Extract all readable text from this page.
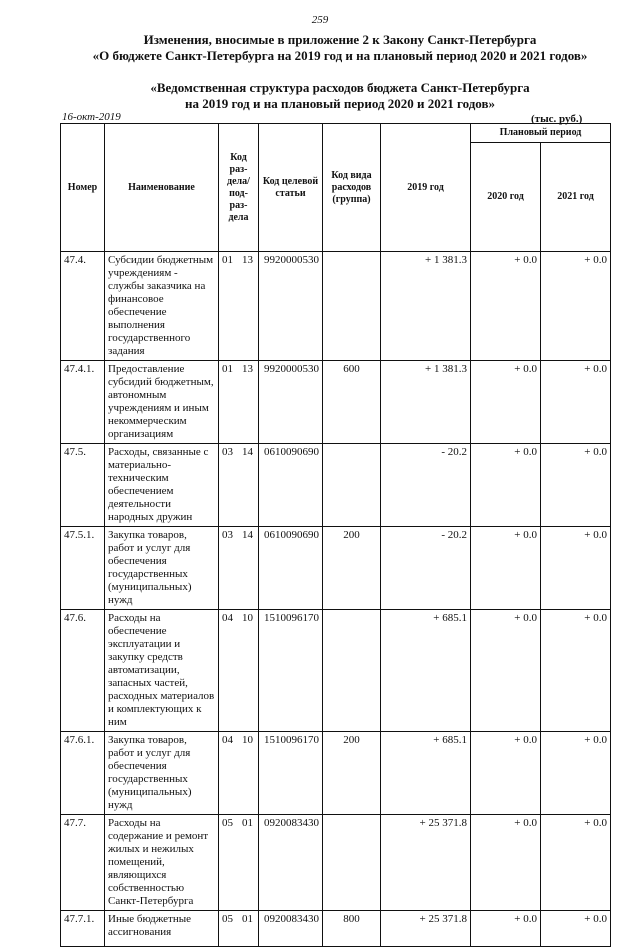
259
Изменения, вносимые в приложение 2 к Закону Санкт-Петербурга
«О бюджете Санкт-Петербурга на 2019 год и на плановый период 2020 и 2021 годов»
«Ведомственная структура расходов бюджета Санкт-Петербурга
на 2019 год и на плановый период 2020 и 2021 годов»
16-окт-2019	(тыс. руб.)
Номер	Наименование	Код раз-дела/ под-раз-дела	Код целевой статьи	Код вида расходов (группа)	2019 год	Плановый период	
						2020 год	2021 год
47.4.	Субсидии бюджетным учреждениям - службы заказчика на финансовое обеспечение выполнения государственного задания	01 13	9920000530		+ 1 381.3	+ 0.0	+ 0.0
47.4.1.	Предоставление субсидий бюджетным, автономным учреждениям и иным некоммерческим организациям	01 13	9920000530	600	+ 1 381.3	+ 0.0	+ 0.0
47.5.	Расходы, связанные с материально-техническим обеспечением деятельности народных дружин	03 14	0610090690		- 20.2	+ 0.0	+ 0.0
47.5.1.	Закупка товаров, работ и услуг для обеспечения государственных (муниципальных) нужд	03 14	0610090690	200	- 20.2	+ 0.0	+ 0.0
47.6.	Расходы на обеспечение эксплуатации и закупку средств автоматизации, запасных частей, расходных материалов и комплектующих к ним	04 10	1510096170		+ 685.1	+ 0.0	+ 0.0
47.6.1.	Закупка товаров, работ и услуг для обеспечения государственных (муниципальных) нужд	04 10	1510096170	200	+ 685.1	+ 0.0	+ 0.0
47.7.	Расходы на содержание и ремонт жилых и нежилых помещений, являющихся собственностью Санкт-Петербурга	05 01	0920083430		+ 25 371.8	+ 0.0	+ 0.0
47.7.1.	Иные бюджетные ассигнования	05 01	0920083430	800	+ 25 371.8	+ 0.0	+ 0.0
